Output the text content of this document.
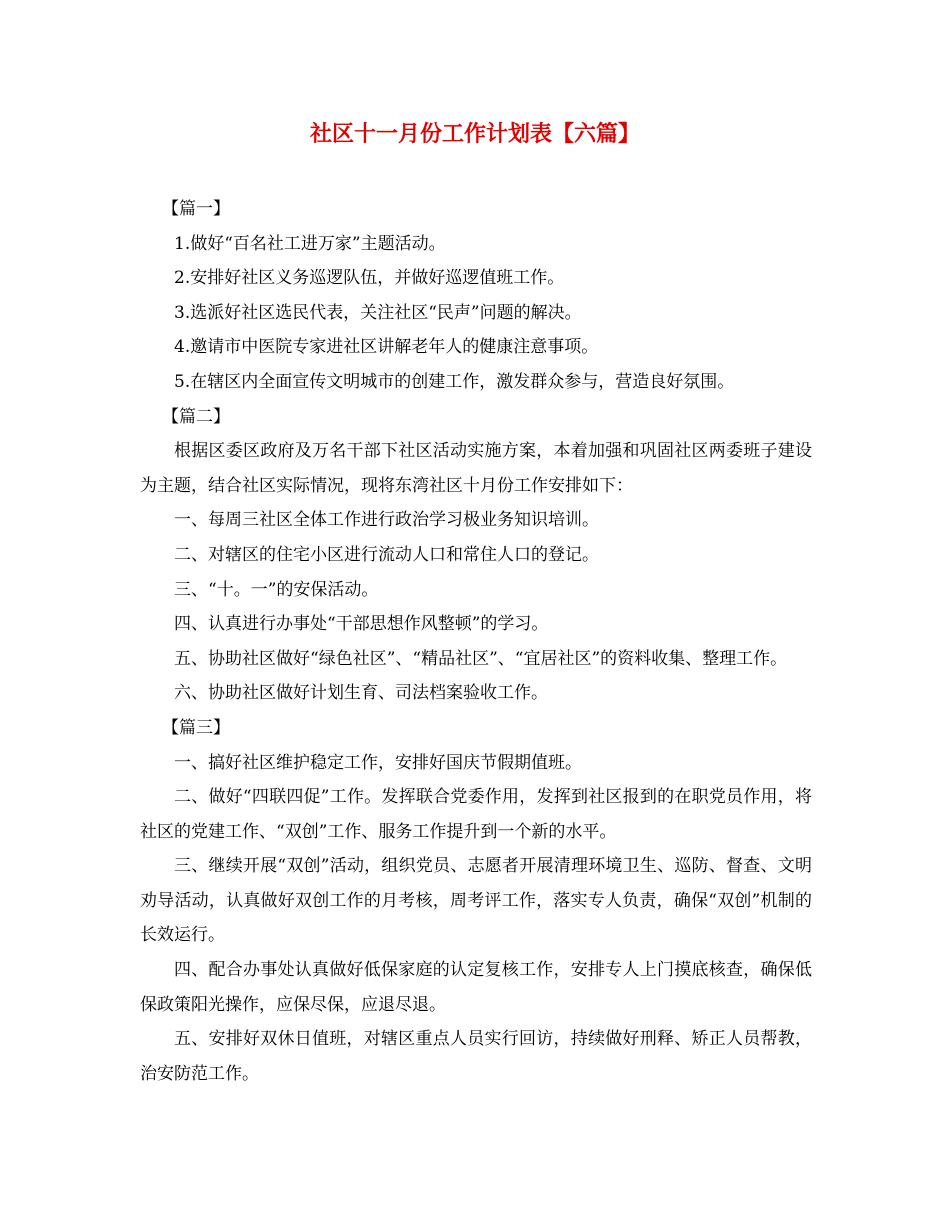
社区十一月份工作计划表【六篇】

【篇一】

1.做好“百名社工进万家”主题活动。

2.安排好社区义务巡逻队伍，并做好巡逻值班工作。

3.选派好社区选民代表，关注社区“民声”问题的解决。

4.邀请市中医院专家进社区讲解老年人的健康注意事项。

5.在辖区内全面宣传文明城市的创建工作，激发群众参与，营造良好氛围。

【篇二】

根据区委区政府及万名干部下社区活动实施方案，本着加强和巩固社区两委班子建设为主题，结合社区实际情况，现将东湾社区十月份工作安排如下：

一、每周三社区全体工作进行政治学习极业务知识培训。

二、对辖区的住宅小区进行流动人口和常住人口的登记。

三、“十。一”的安保活动。

四、认真进行办事处“干部思想作风整顿”的学习。

五、协助社区做好“绿色社区”、“精品社区”、“宜居社区”的资料收集、整理工作。

六、协助社区做好计划生育、司法档案验收工作。

【篇三】

一、搞好社区维护稳定工作，安排好国庆节假期值班。

二、做好“四联四促”工作。发挥联合党委作用，发挥到社区报到的在职党员作用，将社区的党建工作、“双创”工作、服务工作提升到一个新的水平。

三、继续开展“双创”活动，组织党员、志愿者开展清理环境卫生、巡防、督查、文明劝导活动，认真做好双创工作的月考核，周考评工作，落实专人负责，确保“双创”机制的长效运行。

四、配合办事处认真做好低保家庭的认定复核工作，安排专人上门摸底核查，确保低保政策阳光操作，应保尽保，应退尽退。

五、安排好双休日值班，对辖区重点人员实行回访，持续做好刑释、矫正人员帮教，治安防范工作。
